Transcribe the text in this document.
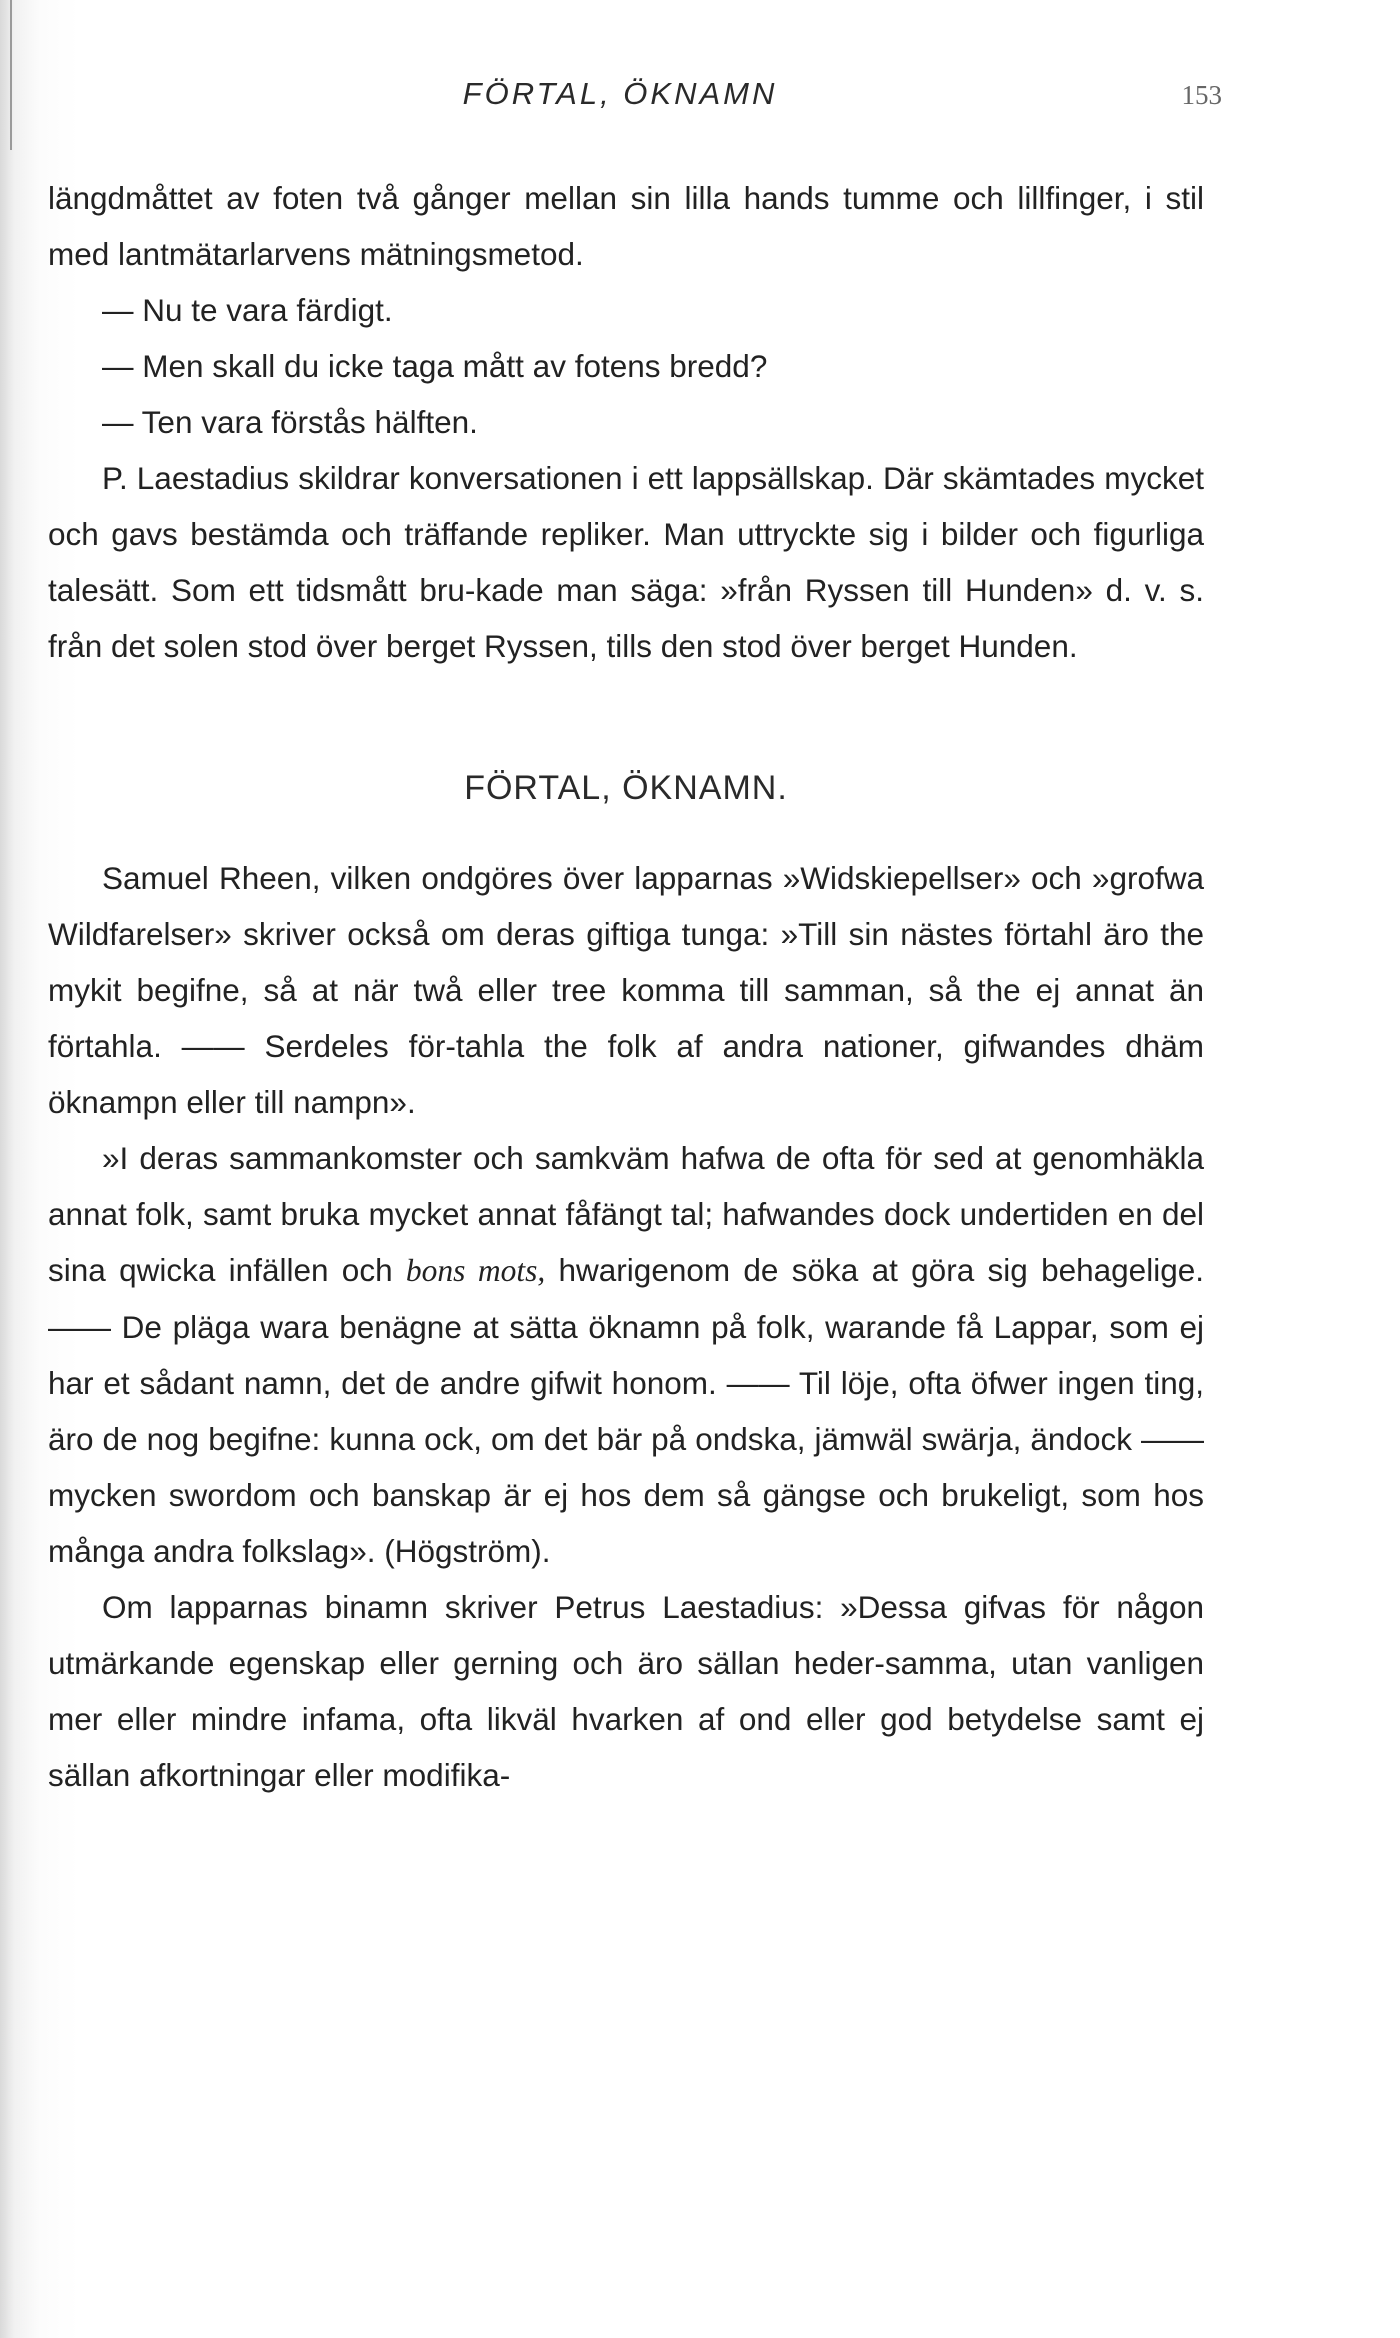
FÖRTAL, ÖKNAMN	153

längdmåttet av foten två gånger mellan sin lilla hands tumme och lillfinger, i stil med lantmätarlarvens mätningsmetod.

— Nu te vara färdigt.

— Men skall du icke taga mått av fotens bredd?

— Ten vara förstås hälften.

P. Laestadius skildrar konversationen i ett lappsällskap. Där skämtades mycket och gavs bestämda och träffande repliker. Man uttryckte sig i bilder och figurliga talesätt. Som ett tidsmått bru-kade man säga: »från Ryssen till Hunden» d. v. s. från det solen stod över berget Ryssen, tills den stod över berget Hunden.

FÖRTAL, ÖKNAMN.

Samuel Rheen, vilken ondgöres över lapparnas »Widskiepellser» och »grofwa Wildfarelser» skriver också om deras giftiga tunga: »Till sin nästes förtahl äro the mykit begifne, så at när twå eller tree komma till samman, så the ej annat än förtahla. —— Serdeles för-tahla the folk af andra nationer, gifwandes dhäm öknampn eller till nampn».

»I deras sammankomster och samkväm hafwa de ofta för sed at genomhäkla annat folk, samt bruka mycket annat fåfängt tal; hafwandes dock undertiden en del sina qwicka infällen och bons mots, hwarigenom de söka at göra sig behagelige. —— De pläga wara benägne at sätta öknamn på folk, warande få Lappar, som ej har et sådant namn, det de andre gifwit honom. —— Til löje, ofta öfwer ingen ting, äro de nog begifne: kunna ock, om det bär på ondska, jämwäl swärja, ändock —— mycken swordom och banskap är ej hos dem så gängse och brukeligt, som hos många andra folkslag». (Högström).

Om lapparnas binamn skriver Petrus Laestadius: »Dessa gifvas för någon utmärkande egenskap eller gerning och äro sällan heder-samma, utan vanligen mer eller mindre infama, ofta likväl hvarken af ond eller god betydelse samt ej sällan afkortningar eller modifika-
